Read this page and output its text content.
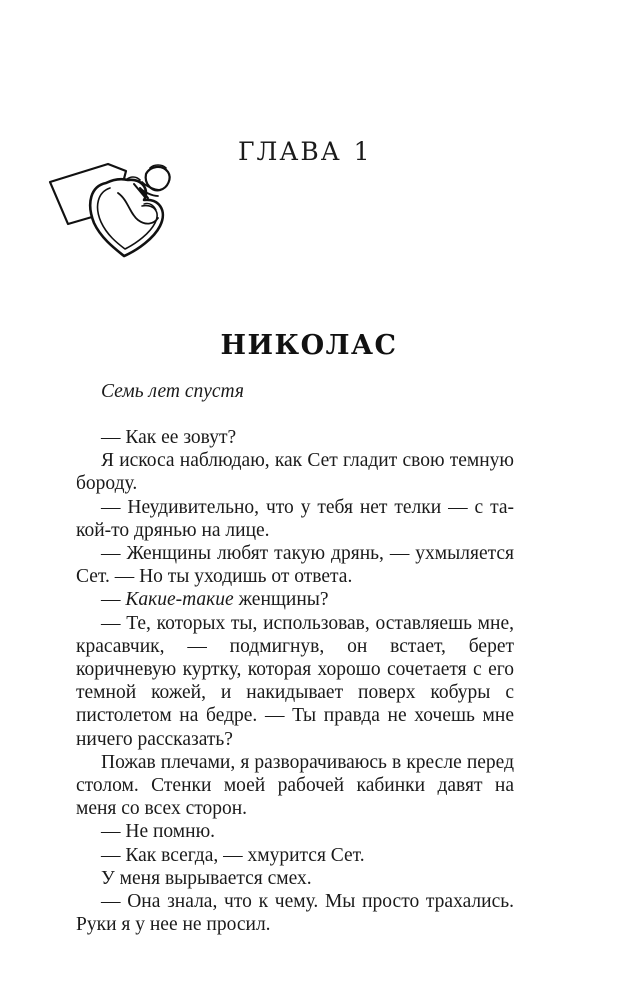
ГЛАВА 1
НИКОЛАС

Семь лет спустя

— Как ее зовут?

Я искоса наблюдаю, как Сет гладит свою темную бороду.

— Неудивительно, что у тебя нет телки — с такой-то дрянью на лице.

— Женщины любят такую дрянь, — ухмыляется Сет. — Но ты уходишь от ответа.

— Какие-такие женщины?

— Те, которых ты, использовав, оставляешь мне, красавчик, — подмигнув, он встает, берет коричневую куртку, которая хорошо сочетаетя с его темной кожей, и накидывает поверх кобуры с пистолетом на бедре. — Ты правда не хочешь мне ничего рассказать?

Пожав плечами, я разворачиваюсь в кресле перед столом. Стенки моей рабочей кабинки давят на меня со всех сторон.

— Не помню.

— Как всегда, — хмурится Сет.

У меня вырывается смех.

— Она знала, что к чему. Мы просто трахались. Руки я у нее не просил.
